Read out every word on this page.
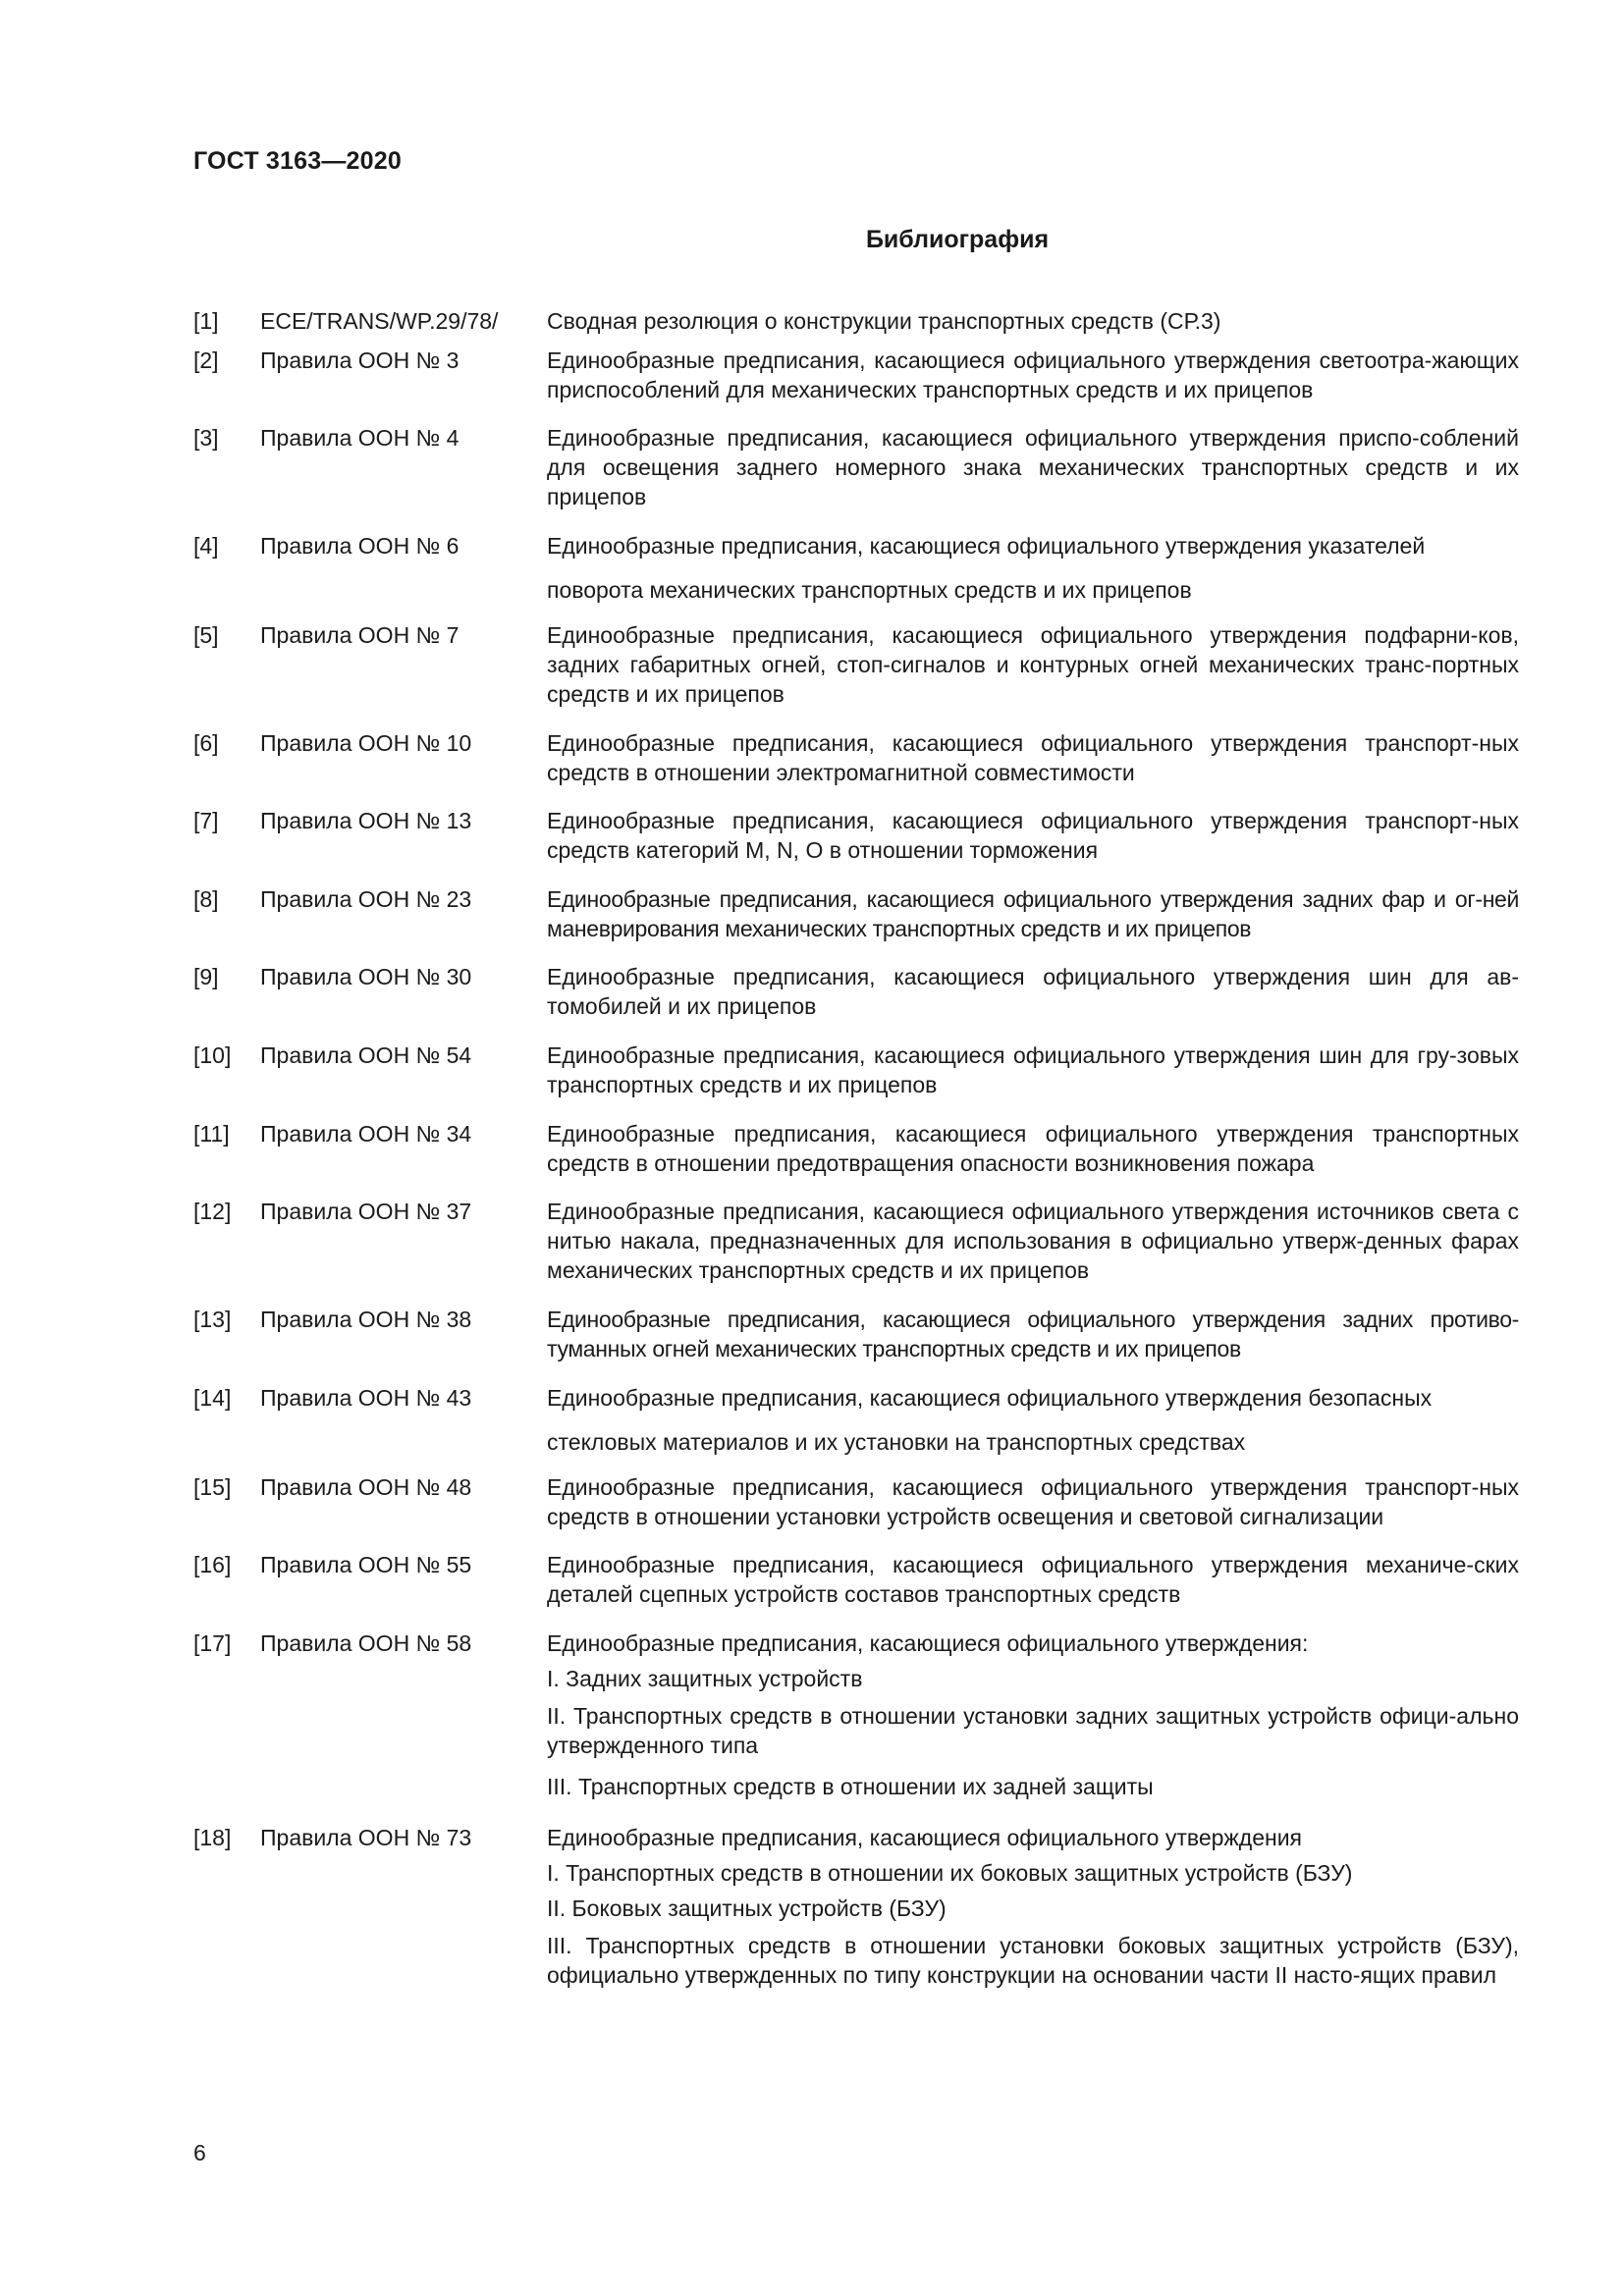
ГОСТ 3163—2020
Библиография
[1] ECE/TRANS/WP.29/78/ Сводная резолюция о конструкции транспортных средств (СР.3)

[2] Правила ООН № 3	Единообразные предписания, касающиеся официального утверждения светоотра-жающих приспособлений для механических транспортных средств и их прицепов

[3] Правила ООН № 4	Единообразные предписания, касающиеся официального утверждения приспо-соблений для освещения заднего номерного знака механических транспортных средств и их прицепов

[4] Правила ООН № 6	Единообразные предписания, касающиеся официального утверждения указателей

поворота механических транспортных средств и их прицепов

[5] Правила ООН № 7	Единообразные предписания, касающиеся официального утверждения подфарни-ков, задних габаритных огней, стоп-сигналов и контурных огней механических транс-портных средств и их прицепов

[6] Правила ООН № 10	Единообразные предписания, касающиеся официального утверждения транспорт-ных средств в отношении электромагнитной совместимости

[7] Правила ООН № 13	Единообразные предписания, касающиеся официального утверждения транспорт-ных средств категорий М, N, О в отношении торможения

[8] Правила ООН № 23	Единообразные предписания, касающиеся официального утверждения задних фар и ог-ней маневрирования механических транспортных средств и их прицепов

[9] Правила ООН № 30	Единообразные предписания, касающиеся официального утверждения шин для ав-томобилей и их прицепов

[10] Правила ООН № 54	Единообразные предписания, касающиеся официального утверждения шин для гру-зовых транспортных средств и их прицепов

[11] Правила ООН № 34	Единообразные предписания, касающиеся официального утверждения транспортных средств в отношении предотвращения опасности возникновения пожара

[12] Правила ООН № 37	Единообразные предписания, касающиеся официального утверждения источников света с нитью накала, предназначенных для использования в официально утверж-денных фарах механических транспортных средств и их прицепов

[13] Правила ООН № 38	Единообразные предписания, касающиеся официального утверждения задних противо-туманных огней механических транспортных средств и их прицепов

[14] Правила ООН № 43	Единообразные предписания, касающиеся официального утверждения безопасных

стекловых материалов и их установки на транспортных средствах

[15] Правила ООН № 48	Единообразные предписания, касающиеся официального утверждения транспорт-ных средств в отношении установки устройств освещения и световой сигнализации

[16] Правила ООН № 55	Единообразные предписания, касающиеся официального утверждения механиче-ских деталей сцепных устройств составов транспортных средств

[17] Правила ООН № 58	Единообразные предписания, касающиеся официального утверждения:

I. Задних защитных устройств

II. Транспортных средств в отношении установки задних защитных устройств офици-ально утвержденного типа

III. Транспортных средств в отношении их задней защиты

[18] Правила ООН № 73	Единообразные предписания, касающиеся официального утверждения

I. Транспортных средств в отношении их боковых защитных устройств (БЗУ)

II. Боковых защитных устройств (БЗУ)

III. Транспортных средств в отношении установки боковых защитных устройств (БЗУ), официально утвержденных по типу конструкции на основании части II насто-ящих правил

6
